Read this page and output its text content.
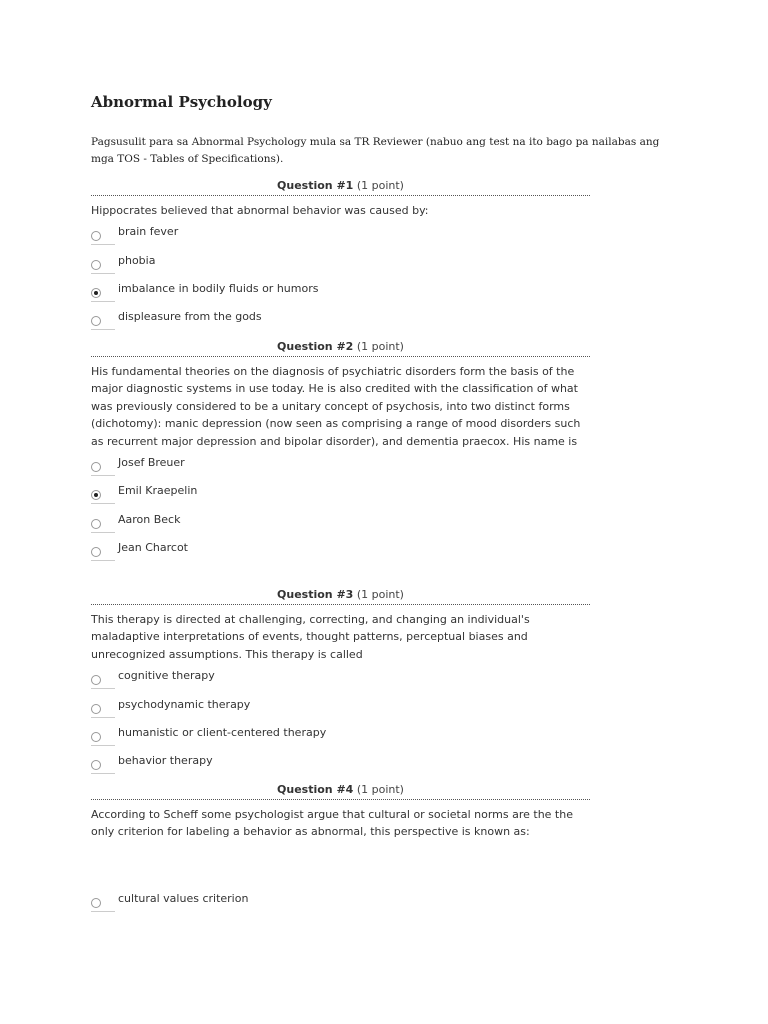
Abnormal Psychology
Pagsusulit para sa Abnormal Psychology mula sa TR Reviewer (nabuo ang test na ito bago pa nailabas ang mga TOS - Tables of Specifications).
Question #1 (1 point)
Hippocrates believed that abnormal behavior was caused by:
brain fever
phobia
imbalance in bodily fluids or humors
displeasure from the gods
Question #2 (1 point)
His fundamental theories on the diagnosis of psychiatric disorders form the basis of the major diagnostic systems in use today. He is also credited with the classification of what was previously considered to be a unitary concept of psychosis, into two distinct forms (dichotomy): manic depression (now seen as comprising a range of mood disorders such as recurrent major depression and bipolar disorder), and dementia praecox. His name is
Josef Breuer
Emil Kraepelin
Aaron Beck
Jean Charcot
Question #3 (1 point)
This therapy is directed at challenging, correcting, and changing an individual's maladaptive interpretations of events, thought patterns, perceptual biases and unrecognized assumptions. This therapy is called
cognitive therapy
psychodynamic therapy
humanistic or client-centered therapy
behavior therapy
Question #4 (1 point)
According to Scheff some psychologist argue that cultural or societal norms are the the only criterion for labeling a behavior as abnormal, this perspective is known as:
cultural values criterion
